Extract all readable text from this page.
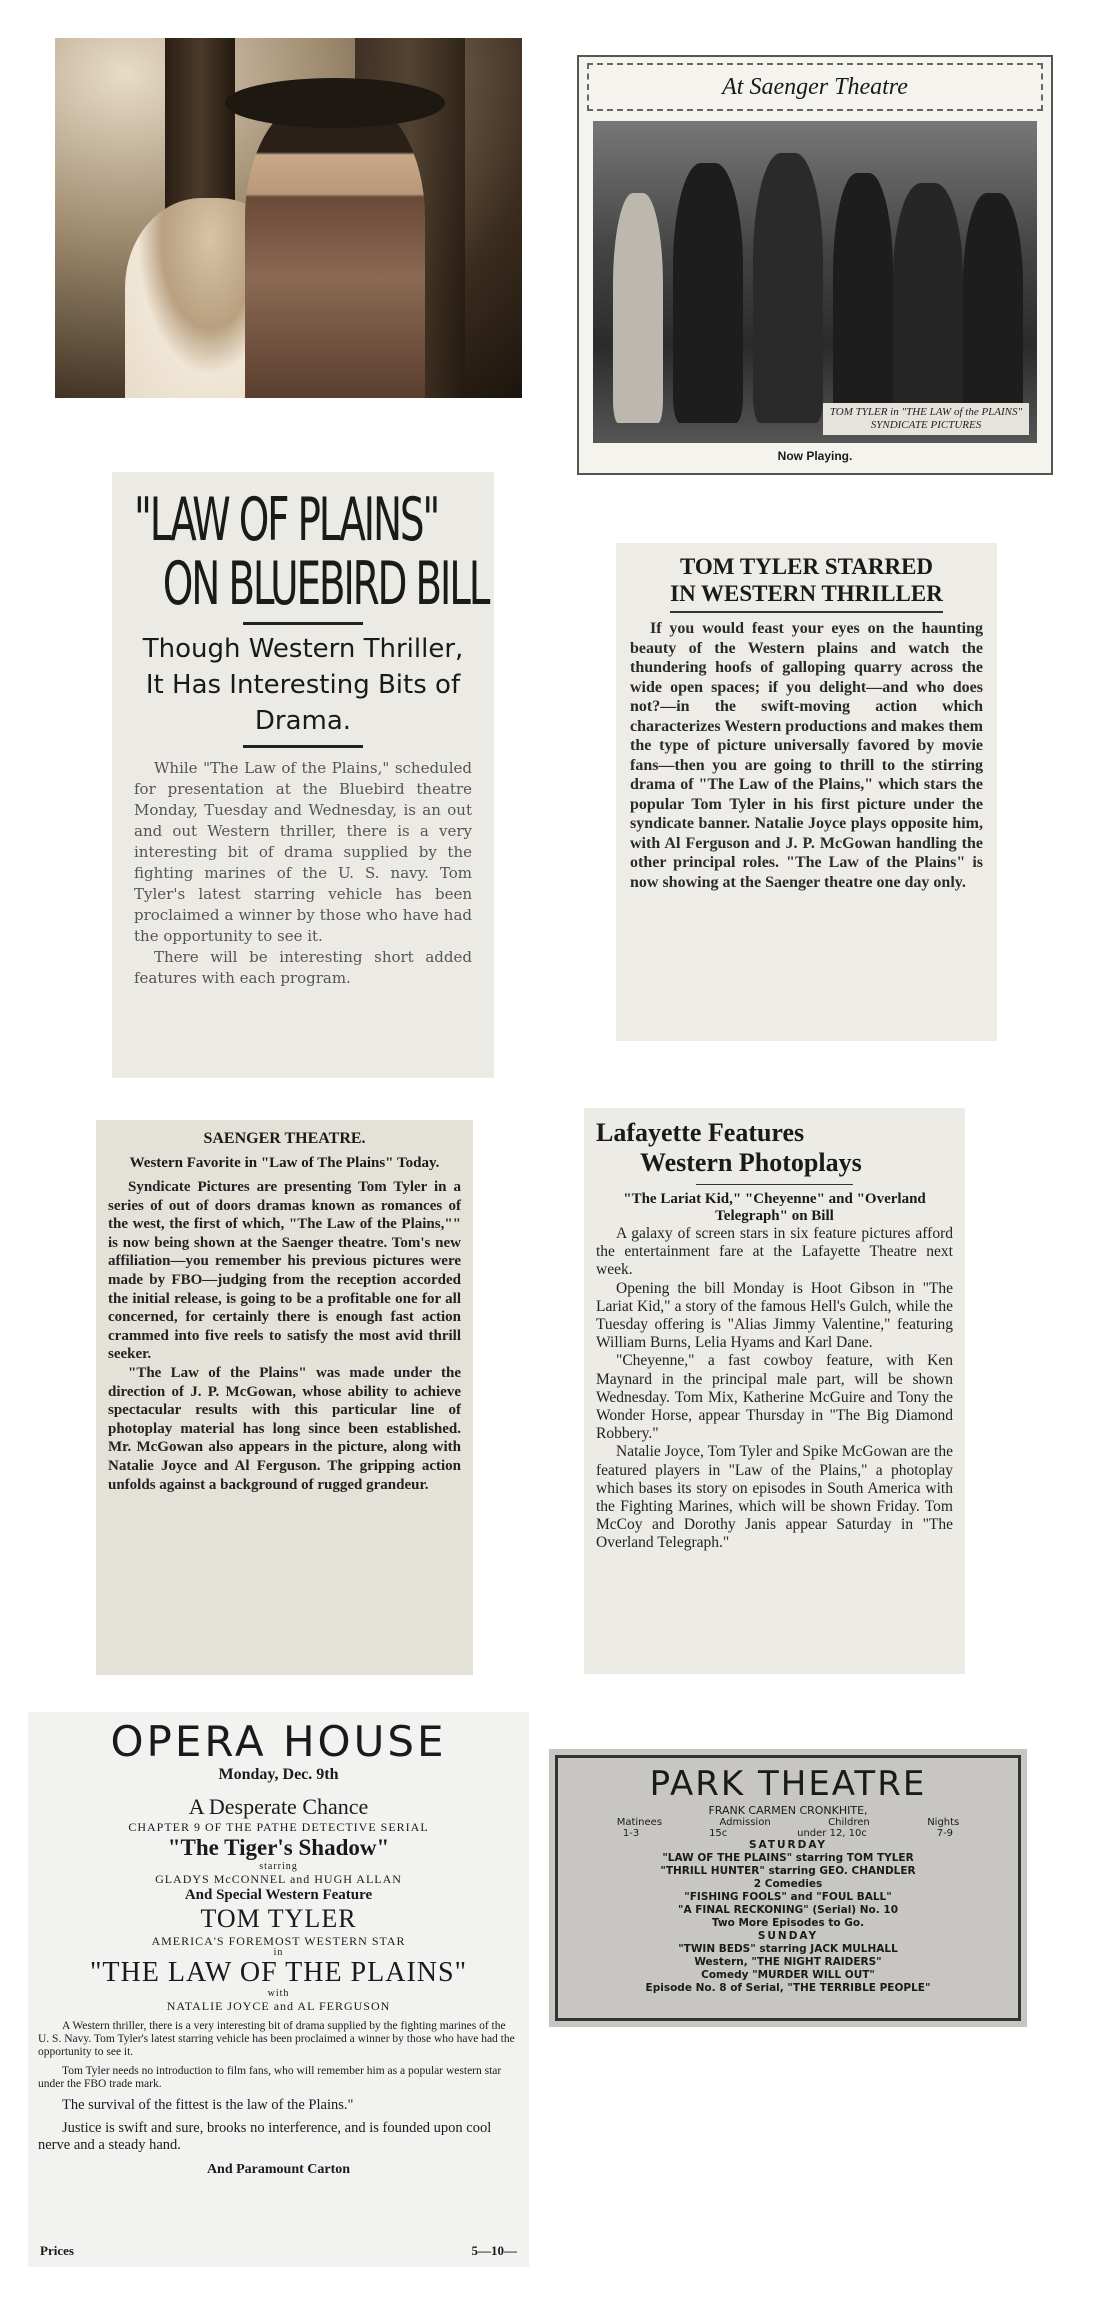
At Saenger Theatre
TOM TYLER in "THE LAW of the PLAINS" SYNDICATE PICTURES
Now Playing.
"LAW OF PLAINS"
ON BLUEBIRD BILL
Though Western Thriller, It Has Interesting Bits of Drama.

While "The Law of the Plains," scheduled for presentation at the Bluebird theatre Monday, Tuesday and Wednesday, is an out and out Western thriller, there is a very interesting bit of drama supplied by the fighting marines of the U. S. navy. Tom Tyler's latest starring vehicle has been proclaimed a winner by those who have had the opportunity to see it.

There will be interesting short added features with each program.

TOM TYLER STARRED
IN WESTERN THRILLER

If you would feast your eyes on the haunting beauty of the Western plains and watch the thundering hoofs of galloping quarry across the wide open spaces; if you delight—and who does not?—in the swift-moving action which characterizes Western productions and makes them the type of picture universally favored by movie fans—then you are going to thrill to the stirring drama of "The Law of the Plains," which stars the popular Tom Tyler in his first picture under the syndicate banner. Natalie Joyce plays opposite him, with Al Ferguson and J. P. McGowan handling the other principal roles. "The Law of the Plains" is now showing at the Saenger theatre one day only.

SAENGER THEATRE.
Western Favorite in "Law of The Plains" Today.

Syndicate Pictures are presenting Tom Tyler in a series of out of doors dramas known as romances of the west, the first of which, "The Law of the Plains,"" is now being shown at the Saenger theatre. Tom's new affiliation—you remember his previous pictures were made by FBO—judging from the reception accorded the initial release, is going to be a profitable one for all concerned, for certainly there is enough fast action crammed into five reels to satisfy the most avid thrill seeker.

"The Law of the Plains" was made under the direction of J. P. McGowan, whose ability to achieve spectacular results with this particular line of photoplay material has long since been established. Mr. McGowan also appears in the picture, along with Natalie Joyce and Al Ferguson. The gripping action unfolds against a background of rugged grandeur.

Lafayette Features
Western Photoplays
"The Lariat Kid," "Cheyenne" and "Overland Telegraph" on Bill

A galaxy of screen stars in six feature pictures afford the entertainment fare at the Lafayette Theatre next week.

Opening the bill Monday is Hoot Gibson in "The Lariat Kid," a story of the famous Hell's Gulch, while the Tuesday offering is "Alias Jimmy Valentine," featuring William Burns, Lelia Hyams and Karl Dane.

"Cheyenne," a fast cowboy feature, with Ken Maynard in the principal male part, will be shown Wednesday. Tom Mix, Katherine McGuire and Tony the Wonder Horse, appear Thursday in "The Big Diamond Robbery."

Natalie Joyce, Tom Tyler and Spike McGowan are the featured players in "Law of the Plains," a photoplay which bases its story on episodes in South America with the Fighting Marines, which will be shown Friday. Tom McCoy and Dorothy Janis appear Saturday in "The Overland Telegraph."

OPERA HOUSE
Monday, Dec. 9th
A Desperate Chance
CHAPTER 9 OF THE PATHE DETECTIVE SERIAL
"The Tiger's Shadow"
starring
GLADYS McCONNEL and HUGH ALLAN
And Special Western Feature
TOM TYLER
AMERICA'S FOREMOST WESTERN STAR
in
"THE LAW OF THE PLAINS"
with
NATALIE JOYCE and AL FERGUSON

A Western thriller, there is a very interesting bit of drama supplied by the fighting marines of the U. S. Navy. Tom Tyler's latest starring vehicle has been proclaimed a winner by those who have had the opportunity to see it.

Tom Tyler needs no introduction to film fans, who will remember him as a popular western star under the FBO trade mark.

The survival of the fittest is the law of the Plains."

Justice is swift and sure, brooks no interference, and is founded upon cool nerve and a steady hand.

And Paramount Carton
Prices	5—10—
PARK THEATRE
FRANK CARMEN CRONKHITE,
Matinees	Admission	Children	Nights
1-3	15c	under 12, 10c	7-9
SATURDAY
"LAW OF THE PLAINS" starring TOM TYLER
"THRILL HUNTER" starring GEO. CHANDLER
2 Comedies
"FISHING FOOLS" and "FOUL BALL"
"A FINAL RECKONING" (Serial) No. 10
Two More Episodes to Go.
SUNDAY
"TWIN BEDS" starring JACK MULHALL
Western, "THE NIGHT RAIDERS"
Comedy "MURDER WILL OUT"
Episode No. 8 of Serial, "THE TERRIBLE PEOPLE"
